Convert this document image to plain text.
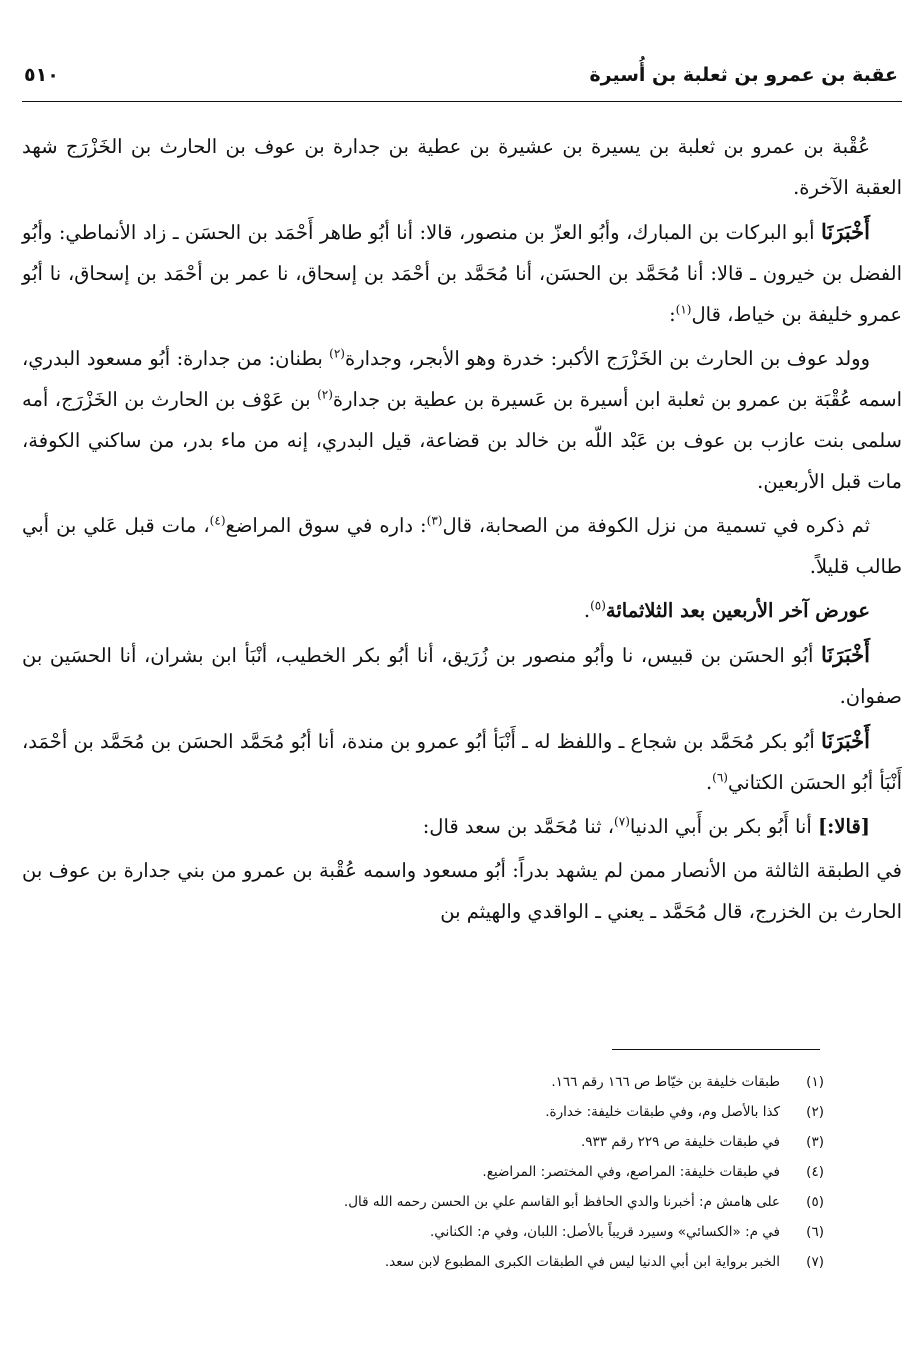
عقبة بن عمرو بن ثعلبة بن أُسيرة
٥١٠

عُقْبة بن عمرو بن ثعلبة بن يسيرة بن عشيرة بن عطية بن جدارة بن عوف بن الحارث بن الخَزْرَج شهد العقبة الآخرة.

أَخْبَرَنَا أبو البركات بن المبارك، وأبُو العزّ بن منصور، قالا: أنا أبُو طاهر أَحْمَد بن الحسَن ـ زاد الأنماطي: وأبُو الفضل بن خيرون ـ قالا: أنا مُحَمَّد بن الحسَن، أنا مُحَمَّد بن أحْمَد بن إسحاق، نا عمر بن أحْمَد بن إسحاق، نا أبُو عمرو خليفة بن خياط، قال$^{(١)}$:

وولد عوف بن الحارث بن الخَزْرَج الأكبر: خدرة وهو الأبجر، وجدارة$^{(٢)}$ بطنان: من جدارة: أبُو مسعود البدري، اسمه عُقْبَة بن عمرو بن ثعلبة ابن أسيرة بن عَسيرة بن عطية بن جدارة$^{(٢)}$ بن عَوْف بن الحارث بن الخَزْرَج، أمه سلمى بنت عازب بن عوف بن عَبْد اللّه بن خالد بن قضاعة، قيل البدري، إنه من ماء بدر، من ساكني الكوفة، مات قبل الأربعين.

ثم ذكره في تسمية من نزل الكوفة من الصحابة، قال$^{(٣)}$: داره في سوق المراضع$^{(٤)}$، مات قبل عَلي بن أبي طالب قليلاً.

عورض آخر الأربعين بعد الثلاثمائة$^{(٥)}$.

أَخْبَرَنَا أبُو الحسَن بن قبيس، نا وأبُو منصور بن زُرَيق، أنا أبُو بكر الخطيب، أنْبَأ ابن بشران، أنا الحسَين بن صفوان.

أَخْبَرَنَا أبُو بكر مُحَمَّد بن شجاع ـ واللفظ له ـ أَنْبَأ أبُو عمرو بن مندة، أنا أبُو مُحَمَّد الحسَن بن مُحَمَّد بن أحْمَد، أَنْبَأ أبُو الحسَن الكتاني$^{(٦)}$.

[قالا:] أنا أَبُو بكر بن أَبي الدنيا$^{(٧)}$، ثنا مُحَمَّد بن سعد قال:

في الطبقة الثالثة من الأنصار ممن لم يشهد بدراً: أبُو مسعود واسمه عُقْبة بن عمرو من بني جدارة بن عوف بن الحارث بن الخزرج، قال مُحَمَّد ـ يعني ـ الواقدي والهيثم بن

(١)
طبقات خليفة بن خيّاط ص ١٦٦ رقم ١٦٦.
(٢)
كذا بالأصل وم، وفي طبقات خليفة: خدارة.
(٣)
في طبقات خليفة ص ٢٢٩ رقم ٩٣٣.
(٤)
في طبقات خليفة: المراصع، وفي المختصر: المراضيع.
(٥)
على هامش م: أخبرنا والدي الحافظ أبو القاسم علي بن الحسن رحمه الله قال.
(٦)
في م: «الكسائي» وسيرد قريباً بالأصل: اللبان، وفي م: الكناني.
(٧)
الخبر برواية ابن أبي الدنيا ليس في الطبقات الكبرى المطبوع لابن سعد.
